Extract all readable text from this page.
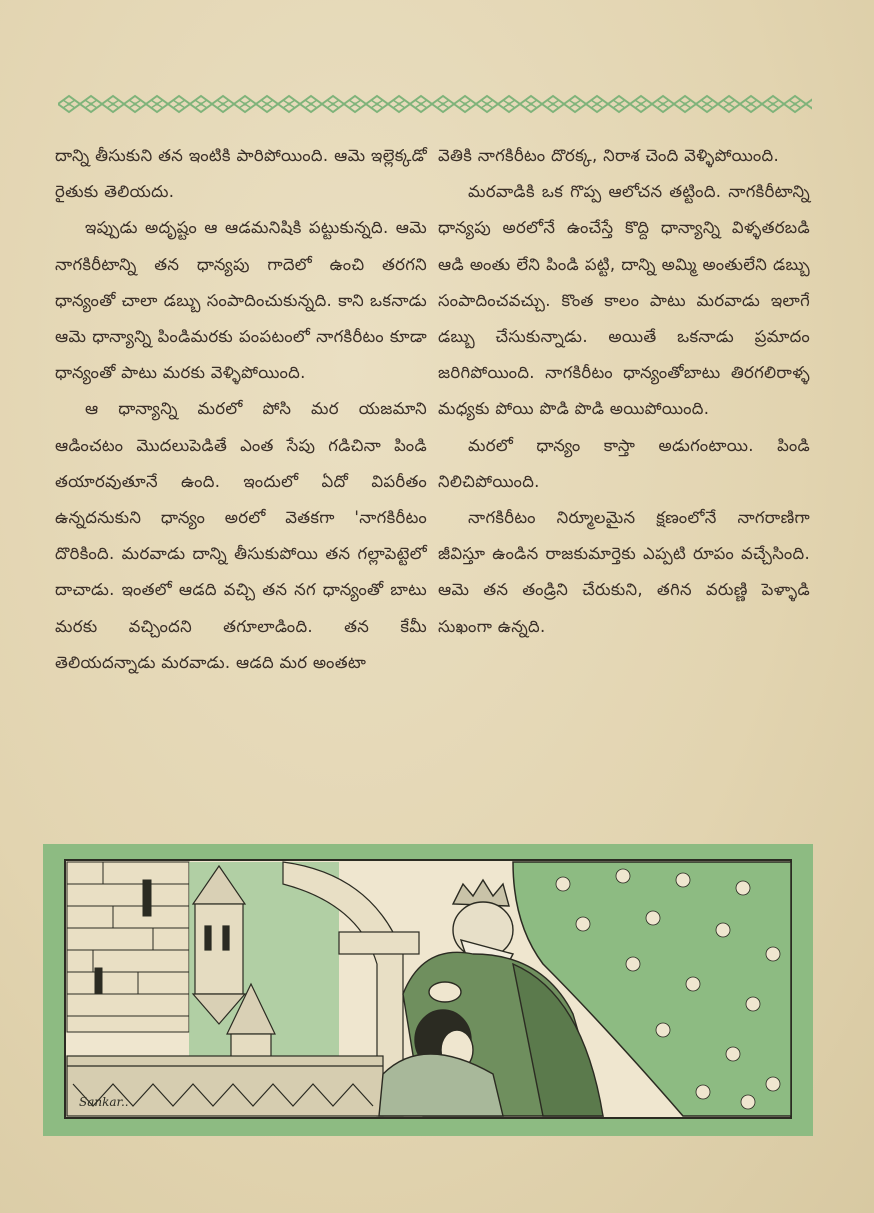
దాన్ని తీసుకుని తన ఇంటికి పారిపోయింది. ఆమె ఇల్లెక్కడో రైతుకు తెలియదు.

ఇప్పుడు అదృష్టం ఆ ఆడమనిషికి పట్టుకున్నది. ఆమె నాగకిరీటాన్ని తన ధాన్యపు గాదెలో ఉంచి తరగని ధాన్యంతో చాలా డబ్బు సంపాదించుకున్నది. కాని ఒకనాడు ఆమె ధాన్యాన్ని పిండిమరకు పంపటంలో నాగకిరీటం కూడా ధాన్యంతో పాటు మరకు వెళ్ళిపోయింది.

ఆ ధాన్యాన్ని మరలో పోసి మర యజమాని ఆడించటం మొదలుపెడితే ఎంత సేపు గడిచినా పిండి తయారవుతూనే ఉంది. ఇందులో ఏదో విపరీతం ఉన్నదనుకుని ధాన్యం అరలో వెతకగా 'నాగకిరీటం దొరికింది. మరవాడు దాన్ని తీసుకుపోయి తన గల్లాపెట్టెలో దాచాడు. ఇంతలో ఆడది వచ్చి తన నగ ధాన్యంతో బాటు మరకు వచ్చిందని తగూలాడింది. తన కేమీ తెలియదన్నాడు మరవాడు. ఆడది మర అంతటా

వెతికి నాగకిరీటం దొరక్క, నిరాశ చెంది వెళ్ళిపోయింది.

మరవాడికి ఒక గొప్ప ఆలోచన తట్టింది. నాగకిరీటాన్ని ధాన్యపు అరలోనే ఉంచేస్తే కొద్ది ధాన్యాన్ని విళ్ళతరబడి ఆడి అంతు లేని పిండి పట్టి, దాన్ని అమ్మి అంతులేని డబ్బు సంపాదించవచ్చు. కొంత కాలం పాటు మరవాడు ఇలాగే డబ్బు చేసుకున్నాడు. అయితే ఒకనాడు ప్రమాదం జరిగిపోయింది. నాగకిరీటం ధాన్యంతోబాటు తిరగలిరాళ్ళ మధ్యకు పోయి పొడి పొడి అయిపోయింది.

మరలో ధాన్యం కాస్తా అడుగంటాయి. పిండి నిలిచిపోయింది.

నాగకిరీటం నిర్మూలమైన క్షణంలోనే నాగరాణిగా జీవిస్తూ ఉండిన రాజకుమార్తెకు ఎప్పటి రూపం వచ్చేసింది. ఆమె తన తండ్రిని చేరుకుని, తగిన వరుణ్ణి పెళ్ళాడి సుఖంగా ఉన్నది.

Sankar..
